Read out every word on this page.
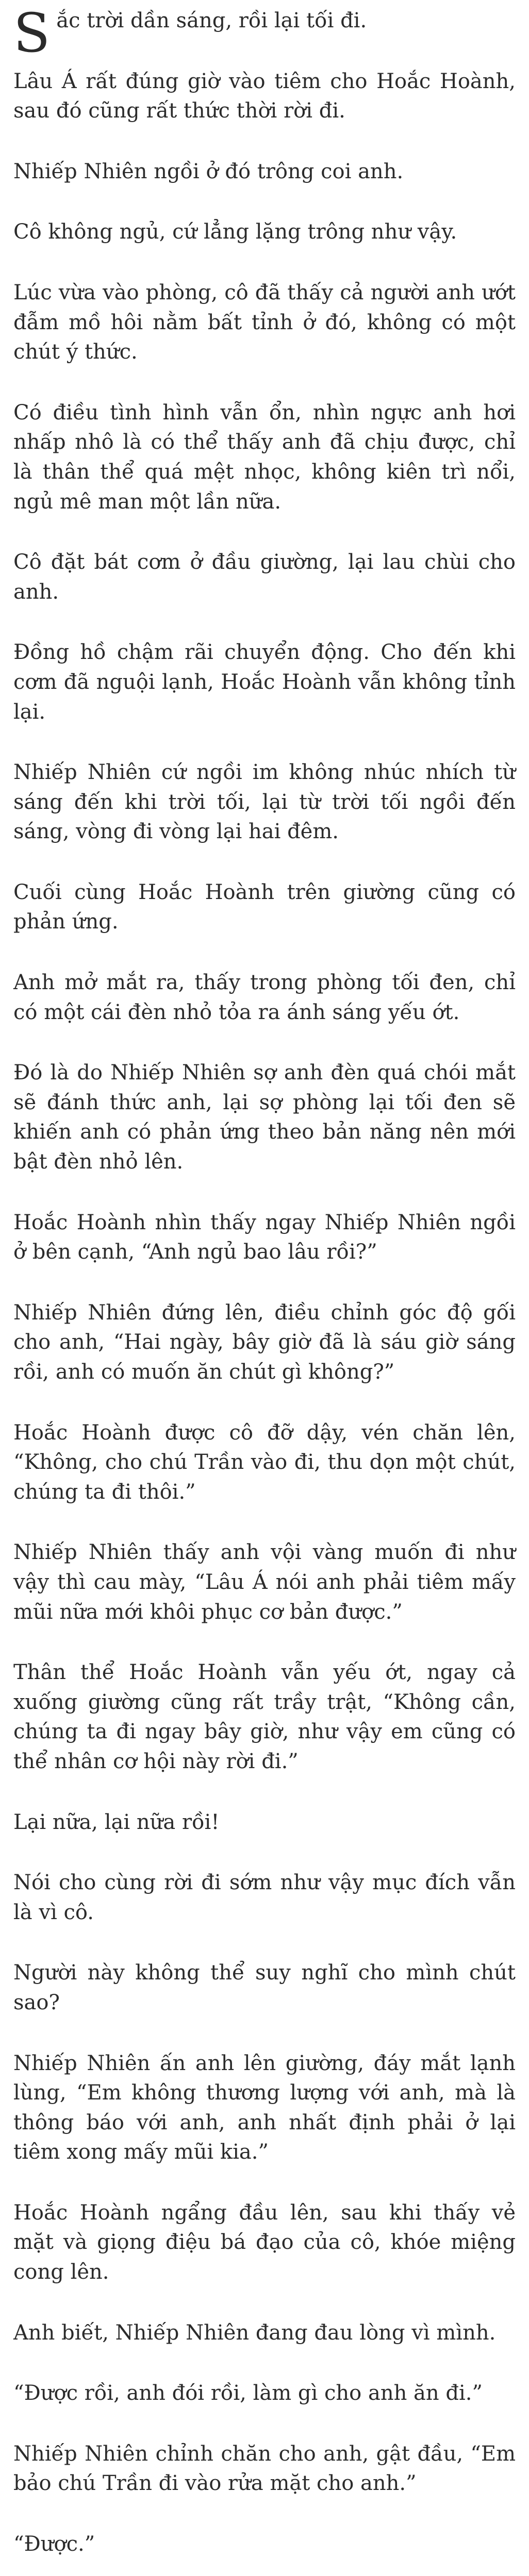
Sắc trời dần sáng, rồi lại tối đi.

Lâu Á rất đúng giờ vào tiêm cho Hoắc Hoành, sau đó cũng rất thức thời rời đi.

Nhiếp Nhiên ngồi ở đó trông coi anh.

Cô không ngủ, cứ lẳng lặng trông như vậy.

Lúc vừa vào phòng, cô đã thấy cả người anh ướt đẫm mồ hôi nằm bất tỉnh ở đó, không có một chút ý thức.

Có điều tình hình vẫn ổn, nhìn ngực anh hơi nhấp nhô là có thể thấy anh đã chịu được, chỉ là thân thể quá mệt nhọc, không kiên trì nổi, ngủ mê man một lần nữa.

Cô đặt bát cơm ở đầu giường, lại lau chùi cho anh.

Đồng hồ chậm rãi chuyển động. Cho đến khi cơm đã nguội lạnh, Hoắc Hoành vẫn không tỉnh lại.

Nhiếp Nhiên cứ ngồi im không nhúc nhích từ sáng đến khi trời tối, lại từ trời tối ngồi đến sáng, vòng đi vòng lại hai đêm.

Cuối cùng Hoắc Hoành trên giường cũng có phản ứng.

Anh mở mắt ra, thấy trong phòng tối đen, chỉ có một cái đèn nhỏ tỏa ra ánh sáng yếu ớt.

Đó là do Nhiếp Nhiên sợ anh đèn quá chói mắt sẽ đánh thức anh, lại sợ phòng lại tối đen sẽ khiến anh có phản ứng theo bản năng nên mới bật đèn nhỏ lên.

Hoắc Hoành nhìn thấy ngay Nhiếp Nhiên ngồi ở bên cạnh, “Anh ngủ bao lâu rồi?”

Nhiếp Nhiên đứng lên, điều chỉnh góc độ gối cho anh, “Hai ngày, bây giờ đã là sáu giờ sáng rồi, anh có muốn ăn chút gì không?”

Hoắc Hoành được cô đỡ dậy, vén chăn lên, “Không, cho chú Trần vào đi, thu dọn một chút, chúng ta đi thôi.”

Nhiếp Nhiên thấy anh vội vàng muốn đi như vậy thì cau mày, “Lâu Á nói anh phải tiêm mấy mũi nữa mới khôi phục cơ bản được.”

Thân thể Hoắc Hoành vẫn yếu ớt, ngay cả xuống giường cũng rất trầy trật, “Không cần, chúng ta đi ngay bây giờ, như vậy em cũng có thể nhân cơ hội này rời đi.”

Lại nữa, lại nữa rồi!

Nói cho cùng rời đi sớm như vậy mục đích vẫn là vì cô.

Người này không thể suy nghĩ cho mình chút sao?

Nhiếp Nhiên ấn anh lên giường, đáy mắt lạnh lùng, “Em không thương lượng với anh, mà là thông báo với anh, anh nhất định phải ở lại tiêm xong mấy mũi kia.”

Hoắc Hoành ngẩng đầu lên, sau khi thấy vẻ mặt và giọng điệu bá đạo của cô, khóe miệng cong lên.

Anh biết, Nhiếp Nhiên đang đau lòng vì mình.

“Được rồi, anh đói rồi, làm gì cho anh ăn đi.”

Nhiếp Nhiên chỉnh chăn cho anh, gật đầu, “Em bảo chú Trần đi vào rửa mặt cho anh.”

“Được.”
